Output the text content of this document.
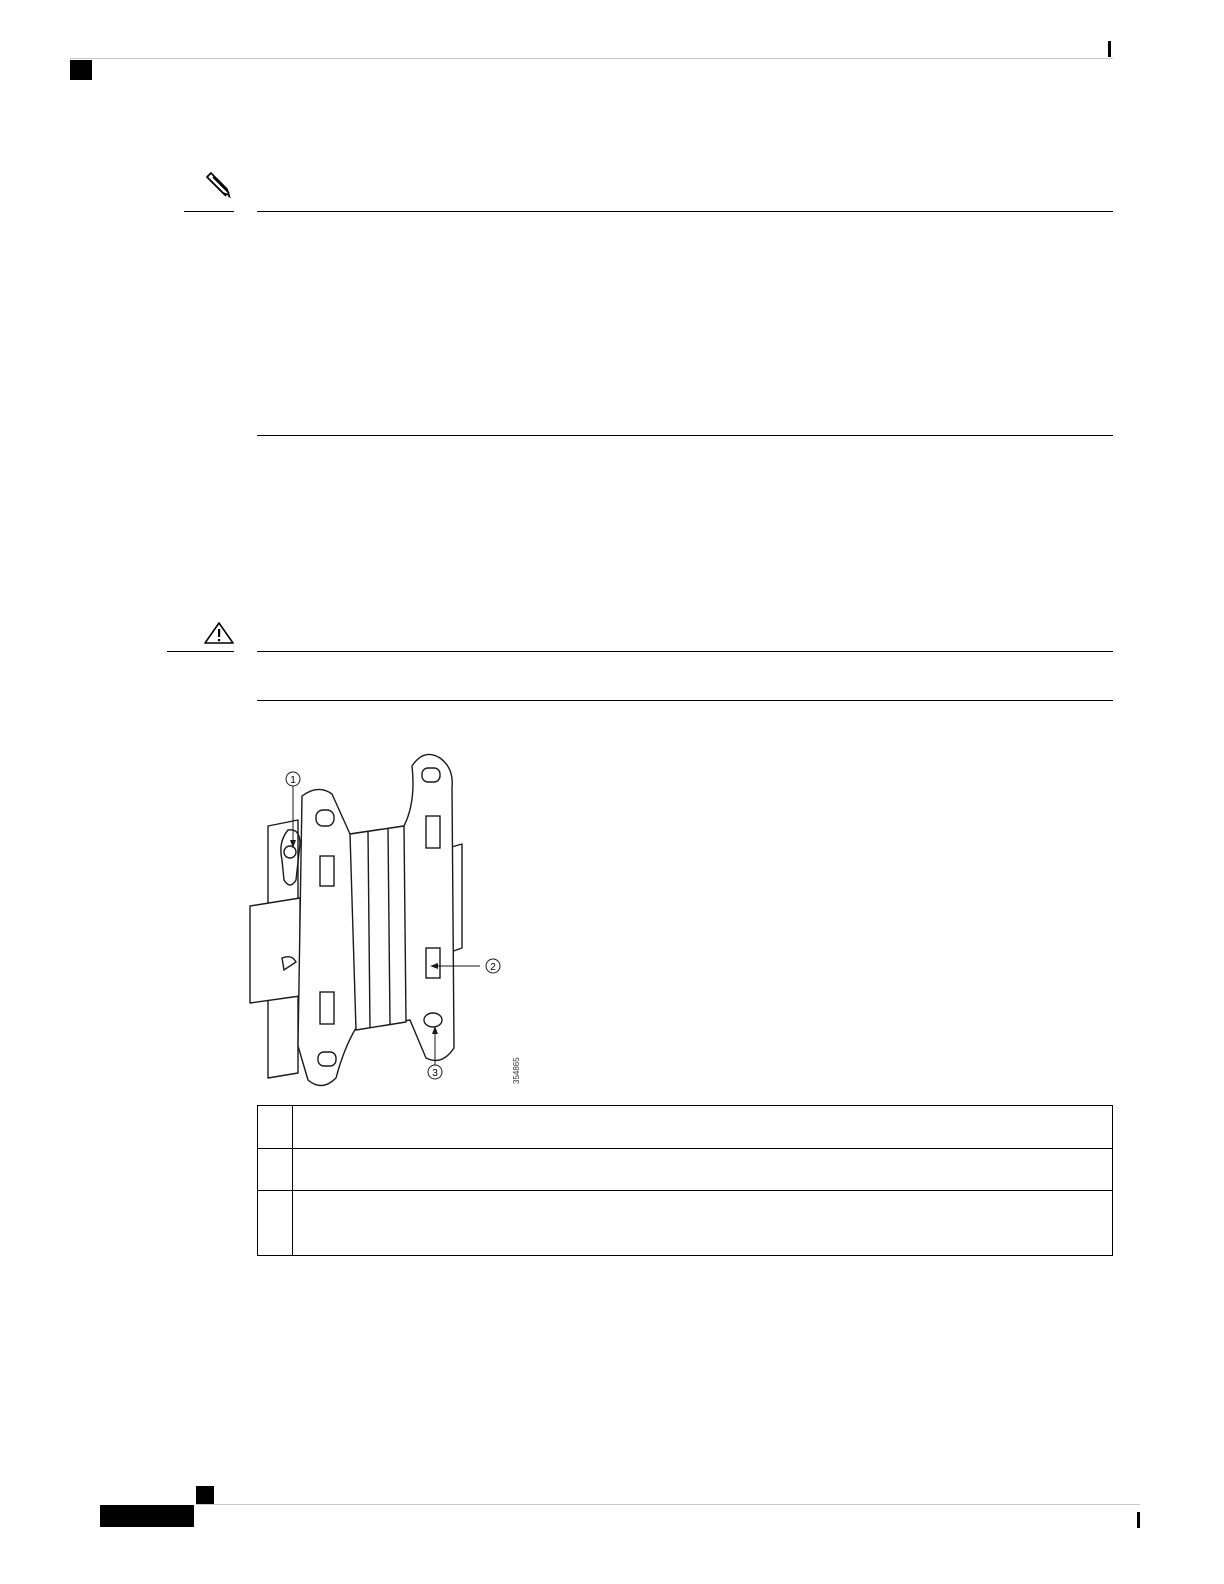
1
2
3	354865
